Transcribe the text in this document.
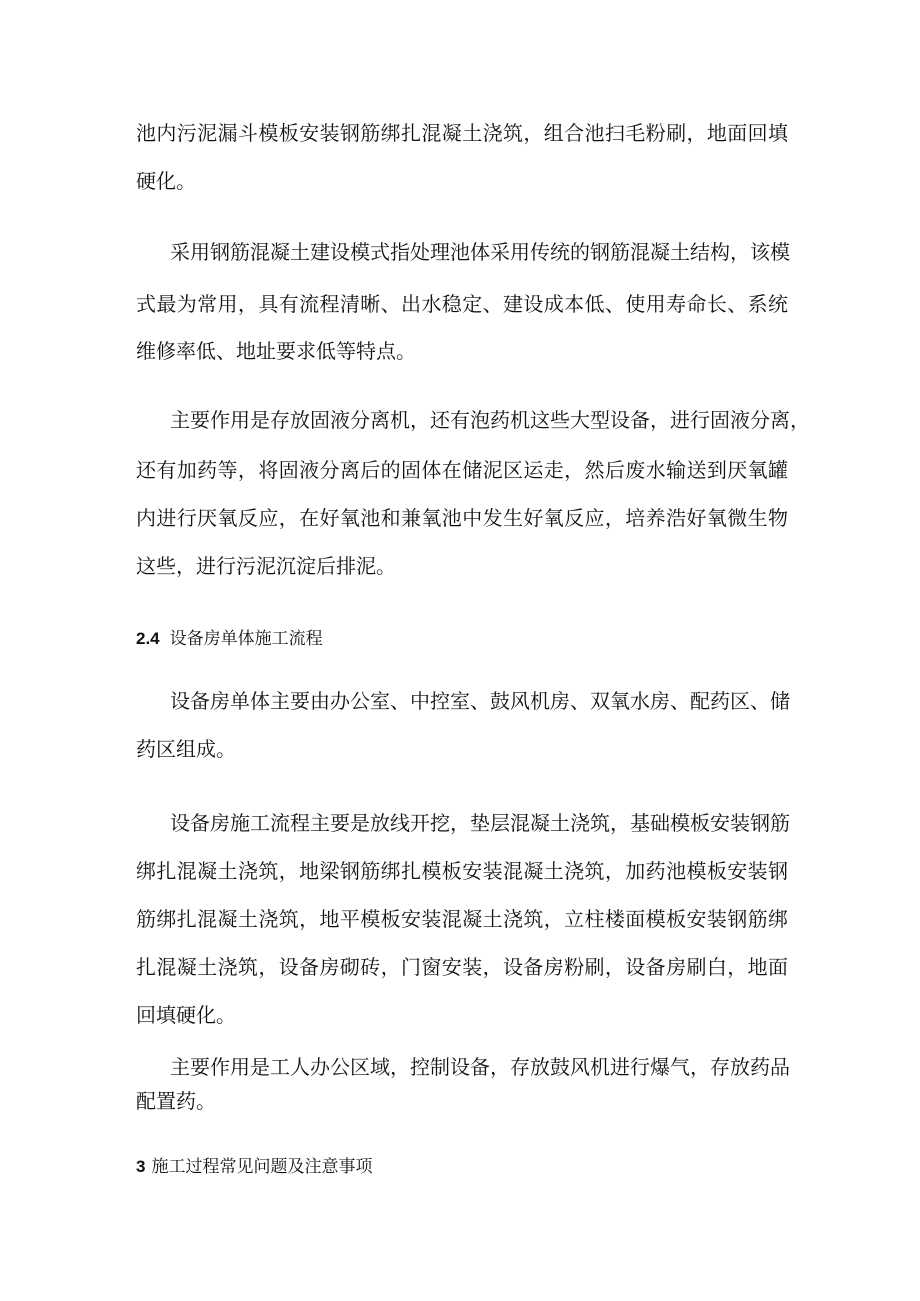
池内污泥漏斗模板安装钢筋绑扎混凝土浇筑，组合池扫毛粉刷，地面回填
硬化。
采用钢筋混凝土建设模式指处理池体采用传统的钢筋混凝土结构，该模
式最为常用，具有流程清晰、出水稳定、建设成本低、使用寿命长、系统
维修率低、地址要求低等特点。
主要作用是存放固液分离机，还有泡药机这些大型设备，进行固液分离，
还有加药等，将固液分离后的固体在储泥区运走，然后废水输送到厌氧罐
内进行厌氧反应，在好氧池和兼氧池中发生好氧反应，培养浩好氧微生物
这些，进行污泥沉淀后排泥。
2.4 设备房单体施工流程
设备房单体主要由办公室、中控室、鼓风机房、双氧水房、配药区、储
药区组成。
设备房施工流程主要是放线开挖，垫层混凝土浇筑，基础模板安装钢筋
绑扎混凝土浇筑，地梁钢筋绑扎模板安装混凝土浇筑，加药池模板安装钢
筋绑扎混凝土浇筑，地平模板安装混凝土浇筑，立柱楼面模板安装钢筋绑
扎混凝土浇筑，设备房砌砖，门窗安装，设备房粉刷，设备房刷白，地面
回填硬化。
主要作用是工人办公区域，控制设备，存放鼓风机进行爆气，存放药品
配置药。
3 施工过程常见问题及注意事项
